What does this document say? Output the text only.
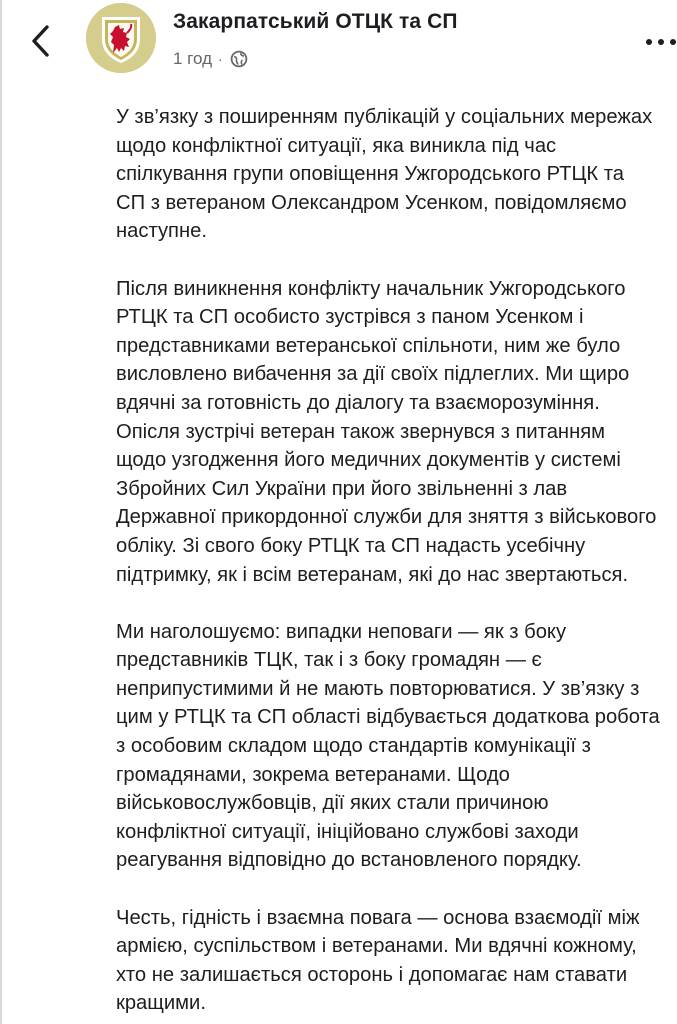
Закарпатський ОТЦК та СП
1 год ·
У зв’язку з поширенням публікацій у соціальних мережах
щодо конфліктної ситуації, яка виникла під час
спілкування групи оповіщення Ужгородського РТЦК та
СП з ветераном Олександром Усенком, повідомляємо
наступне.
Після виникнення конфлікту начальник Ужгородського
РТЦК та СП особисто зустрівся з паном Усенком і
представниками ветеранської спільноти, ним же було
висловлено вибачення за дії своїх підлеглих. Ми щиро
вдячні за готовність до діалогу та взаєморозуміння.
Опісля зустрічі ветеран також звернувся з питанням
щодо узгодження його медичних документів у системі
Збройних Сил України при його звільненні з лав
Державної прикордонної служби для зняття з військового
обліку. Зі свого боку РТЦК та СП надасть усебічну
підтримку, як і всім ветеранам, які до нас звертаються.
Ми наголошуємо: випадки неповаги — як з боку
представників ТЦК, так і з боку громадян — є
неприпустимими й не мають повторюватися. У зв’язку з
цим у РТЦК та СП області відбувається додаткова робота
з особовим складом щодо стандартів комунікації з
громадянами, зокрема ветеранами. Щодо
військовослужбовців, дії яких стали причиною
конфліктної ситуації, ініційовано службові заходи
реагування відповідно до встановленого порядку.
Честь, гідність і взаємна повага — основа взаємодії між
армією, суспільством і ветеранами. Ми вдячні кожному,
хто не залишається осторонь і допомагає нам ставати
кращими.
